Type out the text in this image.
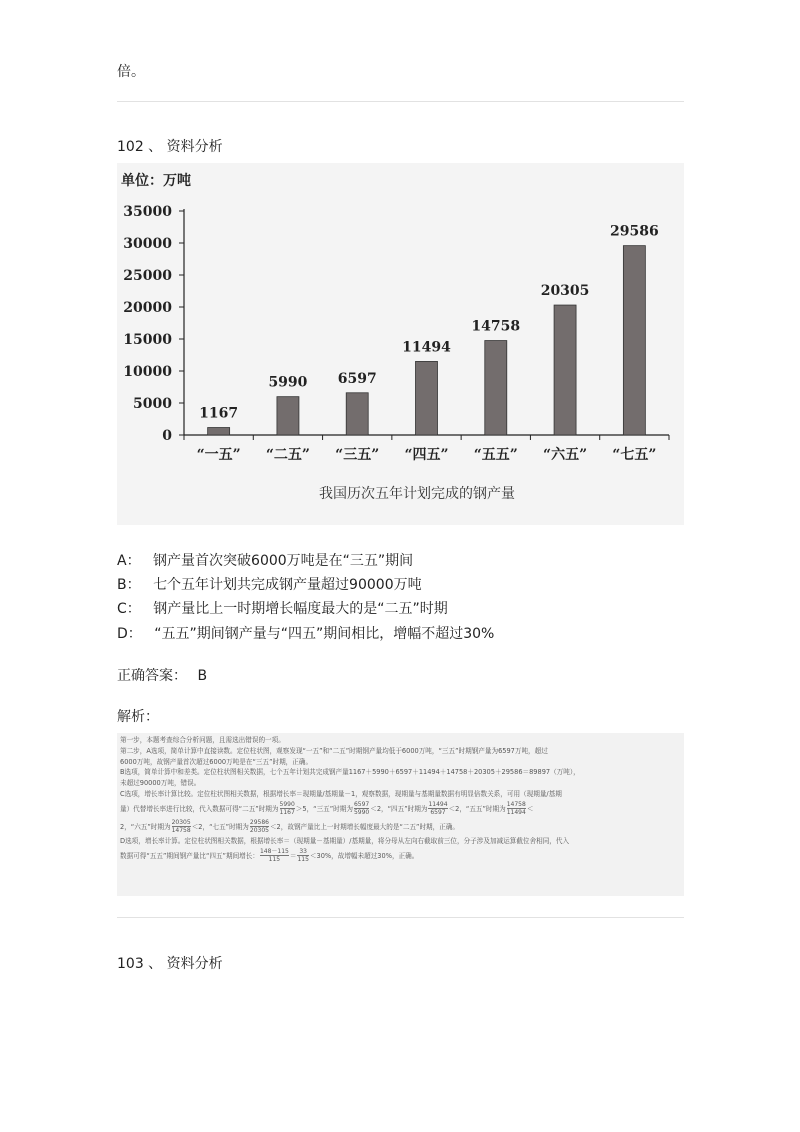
倍。
102 、 资料分析
单位：万吨
0
5000
10000
15000
20000
25000
30000
35000
1167
“一五”
5990
“二五”
6597
“三五”
11494
“四五”
14758
“五五”
20305
“六五”
29586
“七五”
我国历次五年计划完成的钢产量
A： 钢产量首次突破6000万吨是在“三五”期间
B： 七个五年计划共完成钢产量超过90000万吨
C： 钢产量比上一时期增长幅度最大的是“二五”时期
D： “五五”期间钢产量与“四五”期间相比，增幅不超过30%
正确答案： B
解析：

第一步，本题考查综合分析问题，且需选出错误的一项。

第二步，A选项，简单计算中直接读数。定位柱状图，观察发现“一五”和“二五”时期钢产量均低于6000万吨，“三五”时期钢产量为6597万吨，超过

6000万吨，故钢产量首次超过6000万吨是在“三五”时期，正确。

B选项，简单计算中和差类。定位柱状图相关数据，七个五年计划共完成钢产量1167＋5990＋6597＋11494＋14758＋20305＋29586＝89897（万吨），

未超过90000万吨，错误。

C选项，增长率计算比较。定位柱状图相关数据，根据增长率＝现期量/基期量－1，观察数据，现期量与基期量数据有明显倍数关系，可用（现期量/基期

量）代替增长率进行比较，代入数据可得“二五”时期为 $\frac{5990}{1167} >5$，“三五”时期为 $\frac{6597}{5990} <2$，“四五”时期为 $\frac{11494}{6597} <2$，“五五”时期为 $\frac{14758}{11494}$ ＜

2，“六五”时期为 $\frac{20305}{14758} <2$，“七五”时期为 $\frac{29586}{20305} <2$，故钢产量比上一时期增长幅度最大的是“二五”时期，正确。

D选项，增长率计算。定位柱状图相关数据，根据增长率＝（现期量－基期量）/基期量，将分母从左向右截取前三位，分子涉及加减运算截位舍相同，代入

数据可得“五五”期间钢产量比“四五”期间增长： $\frac{148-115}{115} = \frac{33}{115} <30\%$，故增幅未超过30%，正确。

103 、 资料分析
